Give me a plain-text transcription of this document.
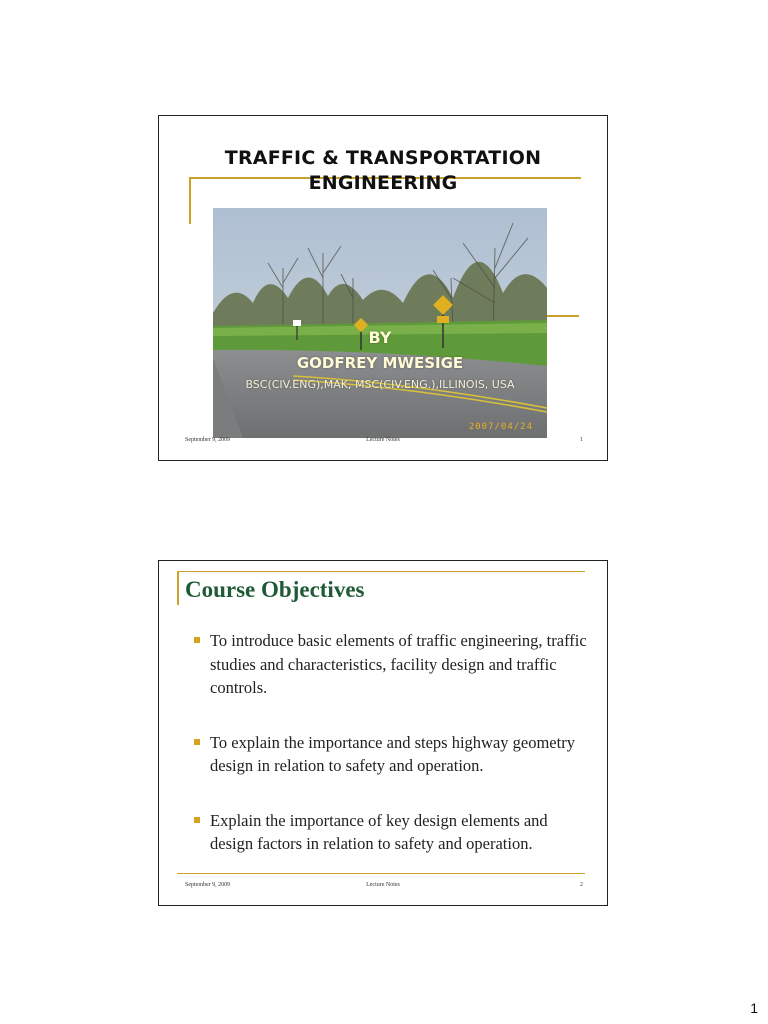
TRAFFIC & TRANSPORTATION
ENGINEERING
BY
GODFREY MWESIGE
BSC(CIV.ENG),MAK, MSC(CIV.ENG.),ILLINOIS, USA
2007/04/24
September 9, 2009	Lecture Notes	1
Course Objectives
To introduce basic elements of traffic engineering, traffic studies and characteristics, facility design and traffic controls.
To explain the importance and steps highway geometry design in relation to safety and operation.
Explain the importance of key design elements and design factors in relation to safety and operation.
September 9, 2009	Lecture Notes	2
1
